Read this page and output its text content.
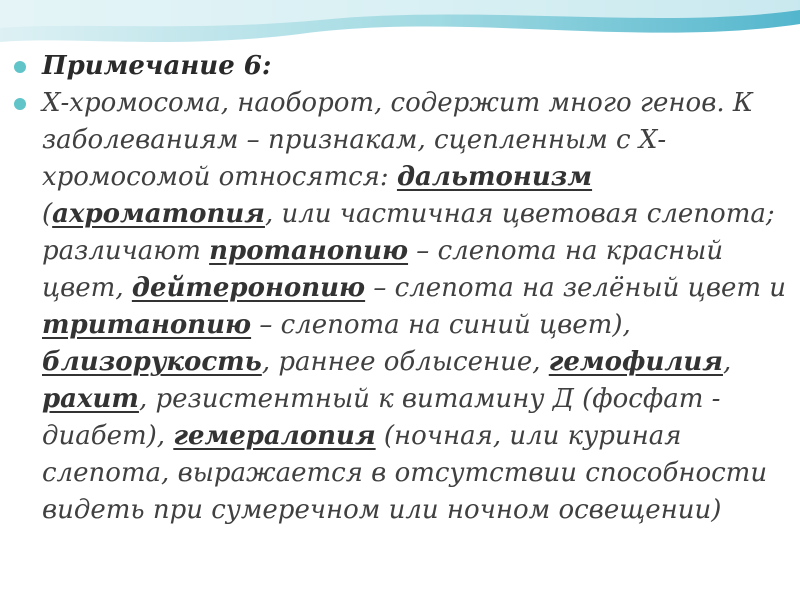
Примечание 6:

Х-хромосома, наоборот, содержит много генов. К заболеваниям – признакам, сцепленным с Х-хромосомой относятся: дальтонизм (ахроматопия, или частичная цветовая слепота; различают протанопию – слепота на красный цвет, дейтеронопию – слепота на зелёный цвет и тританопию – слепота на синий цвет), близорукость, раннее облысение, гемофилия, рахит, резистентный к витамину Д (фосфат - диабет), гемералопия (ночная, или куриная слепота, выражается в отсутствии способности видеть при сумеречном или ночном освещении)
